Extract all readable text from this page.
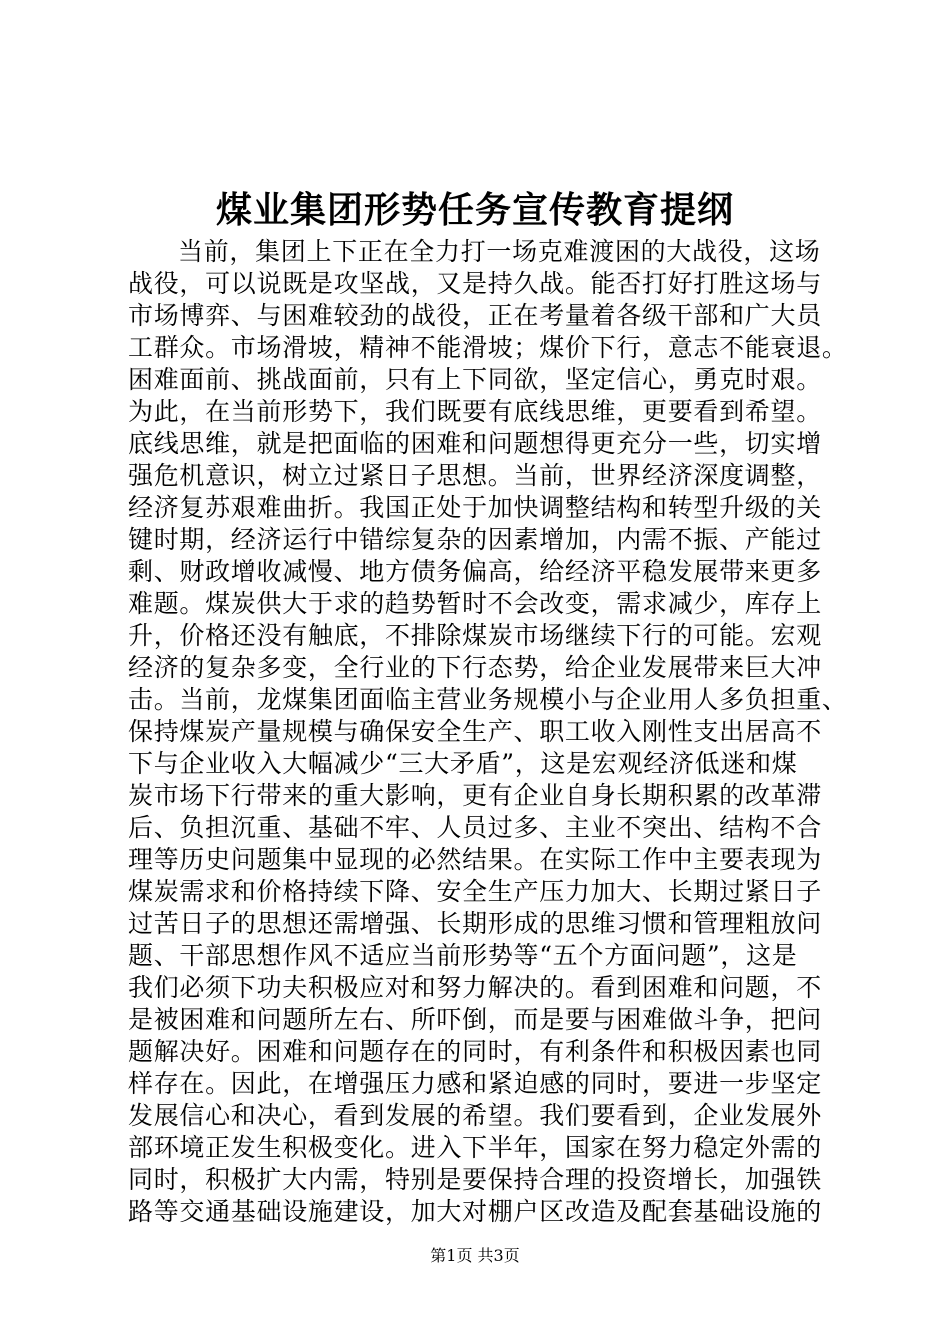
煤业集团形势任务宣传教育提纲
当前，集团上下正在全力打一场克难渡困的大战役，这场
战役，可以说既是攻坚战，又是持久战。能否打好打胜这场与
市场博弈、与困难较劲的战役，正在考量着各级干部和广大员
工群众。市场滑坡，精神不能滑坡；煤价下行，意志不能衰退。
困难面前、挑战面前，只有上下同欲，坚定信心，勇克时艰。
为此，在当前形势下，我们既要有底线思维，更要看到希望。
底线思维，就是把面临的困难和问题想得更充分一些，切实增
强危机意识，树立过紧日子思想。当前，世界经济深度调整，
经济复苏艰难曲折。我国正处于加快调整结构和转型升级的关
键时期，经济运行中错综复杂的因素增加，内需不振、产能过
剩、财政增收减慢、地方债务偏高，给经济平稳发展带来更多
难题。煤炭供大于求的趋势暂时不会改变，需求减少，库存上
升，价格还没有触底，不排除煤炭市场继续下行的可能。宏观
经济的复杂多变，全行业的下行态势，给企业发展带来巨大冲
击。当前，龙煤集团面临主营业务规模小与企业用人多负担重、
保持煤炭产量规模与确保安全生产、职工收入刚性支出居高不
下与企业收入大幅减少“三大矛盾”，这是宏观经济低迷和煤
炭市场下行带来的重大影响，更有企业自身长期积累的改革滞
后、负担沉重、基础不牢、人员过多、主业不突出、结构不合
理等历史问题集中显现的必然结果。在实际工作中主要表现为
煤炭需求和价格持续下降、安全生产压力加大、长期过紧日子
过苦日子的思想还需增强、长期形成的思维习惯和管理粗放问
题、干部思想作风不适应当前形势等“五个方面问题”，这是
我们必须下功夫积极应对和努力解决的。看到困难和问题，不
是被困难和问题所左右、所吓倒，而是要与困难做斗争，把问
题解决好。困难和问题存在的同时，有利条件和积极因素也同
样存在。因此，在增强压力感和紧迫感的同时，要进一步坚定
发展信心和决心，看到发展的希望。我们要看到，企业发展外
部环境正发生积极变化。进入下半年，国家在努力稳定外需的
同时，积极扩大内需，特别是要保持合理的投资增长，加强铁
路等交通基础设施建设，加大对棚户区改造及配套基础设施的
第1页 共3页
